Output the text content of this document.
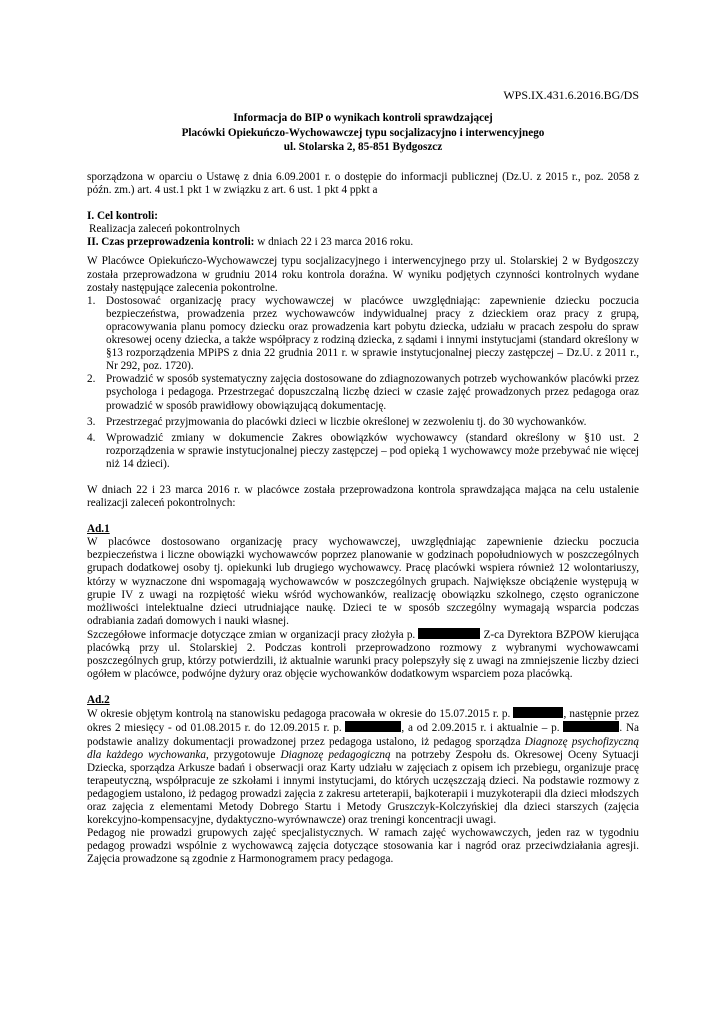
WPS.IX.431.6.2016.BG/DS
Informacja do BIP o wynikach kontroli sprawdzającej
Placówki Opiekuńczo-Wychowawczej typu socjalizacyjno i interwencyjnego
ul. Stolarska 2, 85-851 Bydgoszcz

sporządzona w oparciu o Ustawę z dnia 6.09.2001 r. o dostępie do informacji publicznej (Dz.U. z 2015 r., poz. 2058 z późn. zm.) art. 4 ust.1 pkt 1 w związku z art. 6 ust. 1 pkt 4 ppkt a

I. Cel kontroli:

Realizacja zaleceń pokontrolnych

II. Czas przeprowadzenia kontroli: w dniach 22 i 23 marca 2016 roku.

W Placówce Opiekuńczo-Wychowawczej typu socjalizacyjnego i interwencyjnego przy ul. Stolarskiej 2 w Bydgoszczy została przeprowadzona w grudniu 2014 roku kontrola doraźna. W wyniku podjętych czynności kontrolnych wydane zostały następujące zalecenia pokontrolne.

1. Dostosować organizację pracy wychowawczej w placówce uwzględniając: zapewnienie dziecku poczucia bezpieczeństwa, prowadzenia przez wychowawców indywidualnej pracy z dzieckiem oraz pracy z grupą, opracowywania planu pomocy dziecku oraz prowadzenia kart pobytu dziecka, udziału w pracach zespołu do spraw okresowej oceny dziecka, a także współpracy z rodziną dziecka, z sądami i innymi instytucjami (standard określony w §13 rozporządzenia MPiPS z dnia 22 grudnia 2011 r. w sprawie instytucjonalnej pieczy zastępczej – Dz.U. z 2011 r., Nr 292, poz. 1720).
2. Prowadzić w sposób systematyczny zajęcia dostosowane do zdiagnozowanych potrzeb wychowanków placówki przez psychologa i pedagoga. Przestrzegać dopuszczalną liczbę dzieci w czasie zajęć prowadzonych przez pedagoga oraz prowadzić w sposób prawidłowy obowiązującą dokumentację.
3. Przestrzegać przyjmowania do placówki dzieci w liczbie określonej w zezwoleniu tj. do 30 wychowanków.
4. Wprowadzić zmiany w dokumencie Zakres obowiązków wychowawcy (standard określony w §10 ust. 2 rozporządzenia w sprawie instytucjonalnej pieczy zastępczej – pod opieką 1 wychowawcy może przebywać nie więcej niż 14 dzieci).

W dniach 22 i 23 marca 2016 r. w placówce została przeprowadzona kontrola sprawdzająca mająca na celu ustalenie realizacji zaleceń pokontrolnych:

Ad.1

W placówce dostosowano organizację pracy wychowawczej, uwzględniając zapewnienie dziecku poczucia bezpieczeństwa i liczne obowiązki wychowawców poprzez planowanie w godzinach popołudniowych w poszczególnych grupach dodatkowej osoby tj. opiekunki lub drugiego wychowawcy. Pracę placówki wspiera również 12 wolontariuszy, którzy w wyznaczone dni wspomagają wychowawców w poszczególnych grupach. Największe obciążenie występują w grupie IV z uwagi na rozpiętość wieku wśród wychowanków, realizację obowiązku szkolnego, często ograniczone możliwości intelektualne dzieci utrudniające naukę. Dzieci te w sposób szczególny wymagają wsparcia podczas odrabiania zadań domowych i nauki własnej.

Szczegółowe informacje dotyczące zmian w organizacji pracy złożyła p.	Z-ca Dyrektora BZPOW kierująca placówką przy ul. Stolarskiej 2. Podczas kontroli przeprowadzono rozmowy z wybranymi wychowawcami poszczególnych grup, którzy potwierdzili, iż aktualnie warunki pracy polepszyły się z uwagi na zmniejszenie liczby dzieci ogółem w placówce, podwójne dyżury oraz objęcie wychowanków dodatkowym wsparciem poza placówką.

Ad.2

W okresie objętym kontrolą na stanowisku pedagoga pracowała w okresie do 15.07.2015 r. p.	, następnie przez okres 2 miesięcy - od 01.08.2015 r. do 12.09.2015 r. p.	, a od 2.09.2015 r. i aktualnie – p.	. Na podstawie analizy dokumentacji prowadzonej przez pedagoga ustalono, iż pedagog sporządza Diagnozę psychofizyczną dla każdego wychowanka, przygotowuje Diagnozę pedagogiczną na potrzeby Zespołu ds. Okresowej Oceny Sytuacji Dziecka, sporządza Arkusze badań i obserwacji oraz Karty udziału w zajęciach z opisem ich przebiegu, organizuje pracę terapeutyczną, współpracuje ze szkołami i innymi instytucjami, do których uczęszczają dzieci. Na podstawie rozmowy z pedagogiem ustalono, iż pedagog prowadzi zajęcia z zakresu arteterapii, bajkoterapii i muzykoterapii dla dzieci młodszych oraz zajęcia z elementami Metody Dobrego Startu i Metody Gruszczyk-Kolczyńskiej dla dzieci starszych (zajęcia korekcyjno-kompensacyjne, dydaktyczno-wyrównawcze) oraz treningi koncentracji uwagi.

Pedagog nie prowadzi grupowych zajęć specjalistycznych. W ramach zajęć wychowawczych, jeden raz w tygodniu pedagog prowadzi wspólnie z wychowawcą zajęcia dotyczące stosowania kar i nagród oraz przeciwdziałania agresji. Zajęcia prowadzone są zgodnie z Harmonogramem pracy pedagoga.
